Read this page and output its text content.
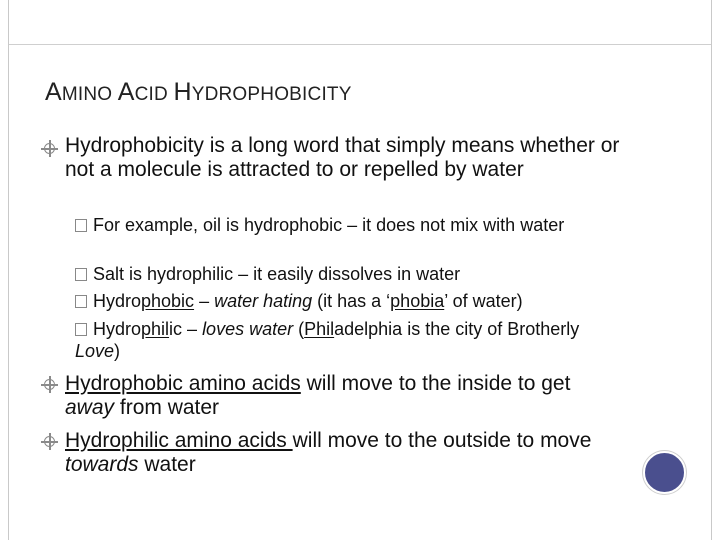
AMINO ACID HYDROPHOBICITY
Hydrophobicity is a long word that simply means whether or not a molecule is attracted to or repelled by water
For example, oil is hydrophobic – it does not mix with water
Salt is hydrophilic – it easily dissolves in water
Hydrophobic – water hating (it has a ‘phobia’ of water)
Hydrophilic – loves water (Philadelphia is the city of Brotherly Love)
Hydrophobic amino acids will move to the inside to get away from water
Hydrophilic amino acids will move to the outside to move towards water
